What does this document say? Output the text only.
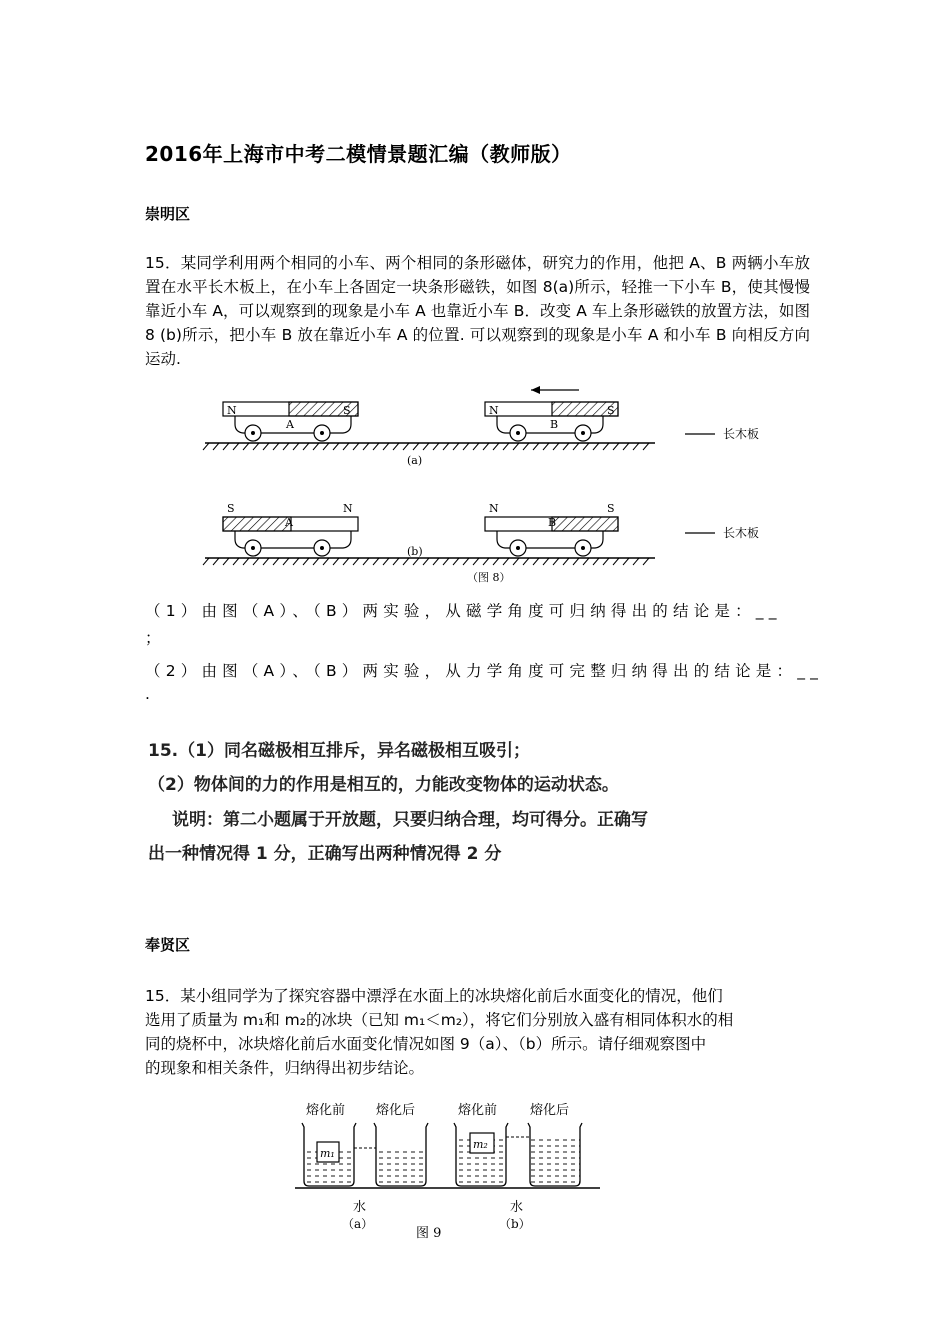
2016年上海市中考二模情景题汇编（教师版）
崇明区
15．某同学利用两个相同的小车、两个相同的条形磁体，研究力的作用，他把 A、B 两辆小车放置在水平长木板上，在小车上各固定一块条形磁铁，如图 8(a)所示，轻推一下小车 B，使其慢慢靠近小车 A，可以观察到的现象是小车 A 也靠近小车 B．改变 A 车上条形磁铁的放置方法，如图 8 (b)所示，把小车 B 放在靠近小车 A 的位置. 可以观察到的现象是小车 A 和小车 B 向相反方向运动.
N	S
A
N	S
B
长木板
(a)
S	N
A
N	S
B
长木板
(b)
（图 8）
（1）由图（A）、（B）两实验，从磁学角度可归纳得出的结论是：__
；
（2）由图（A）、（B）两实验，从力学角度可完整归纳得出的结论是：__
.
15.（1）同名磁极相互排斥，异名磁极相互吸引；
（2）物体间的力的作用是相互的，力能改变物体的运动状态。
说明：第二小题属于开放题，只要归纳合理，均可得分。正确写
出一种情况得 1 分，正确写出两种情况得 2 分
奉贤区
15．某小组同学为了探究容器中漂浮在水面上的冰块熔化前后水面变化的情况，他们
选用了质量为 m₁和 m₂的冰块（已知 m₁＜m₂），将它们分别放入盛有相同体积水的相
同的烧杯中，冰块熔化前后水面变化情况如图 9（a）、（b）所示。请仔细观察图中
的现象和相关条件，归纳得出初步结论。
熔化前 熔化后	熔化前	熔化后
m₁
m₂
水	水
（a）	（b）
图 9
